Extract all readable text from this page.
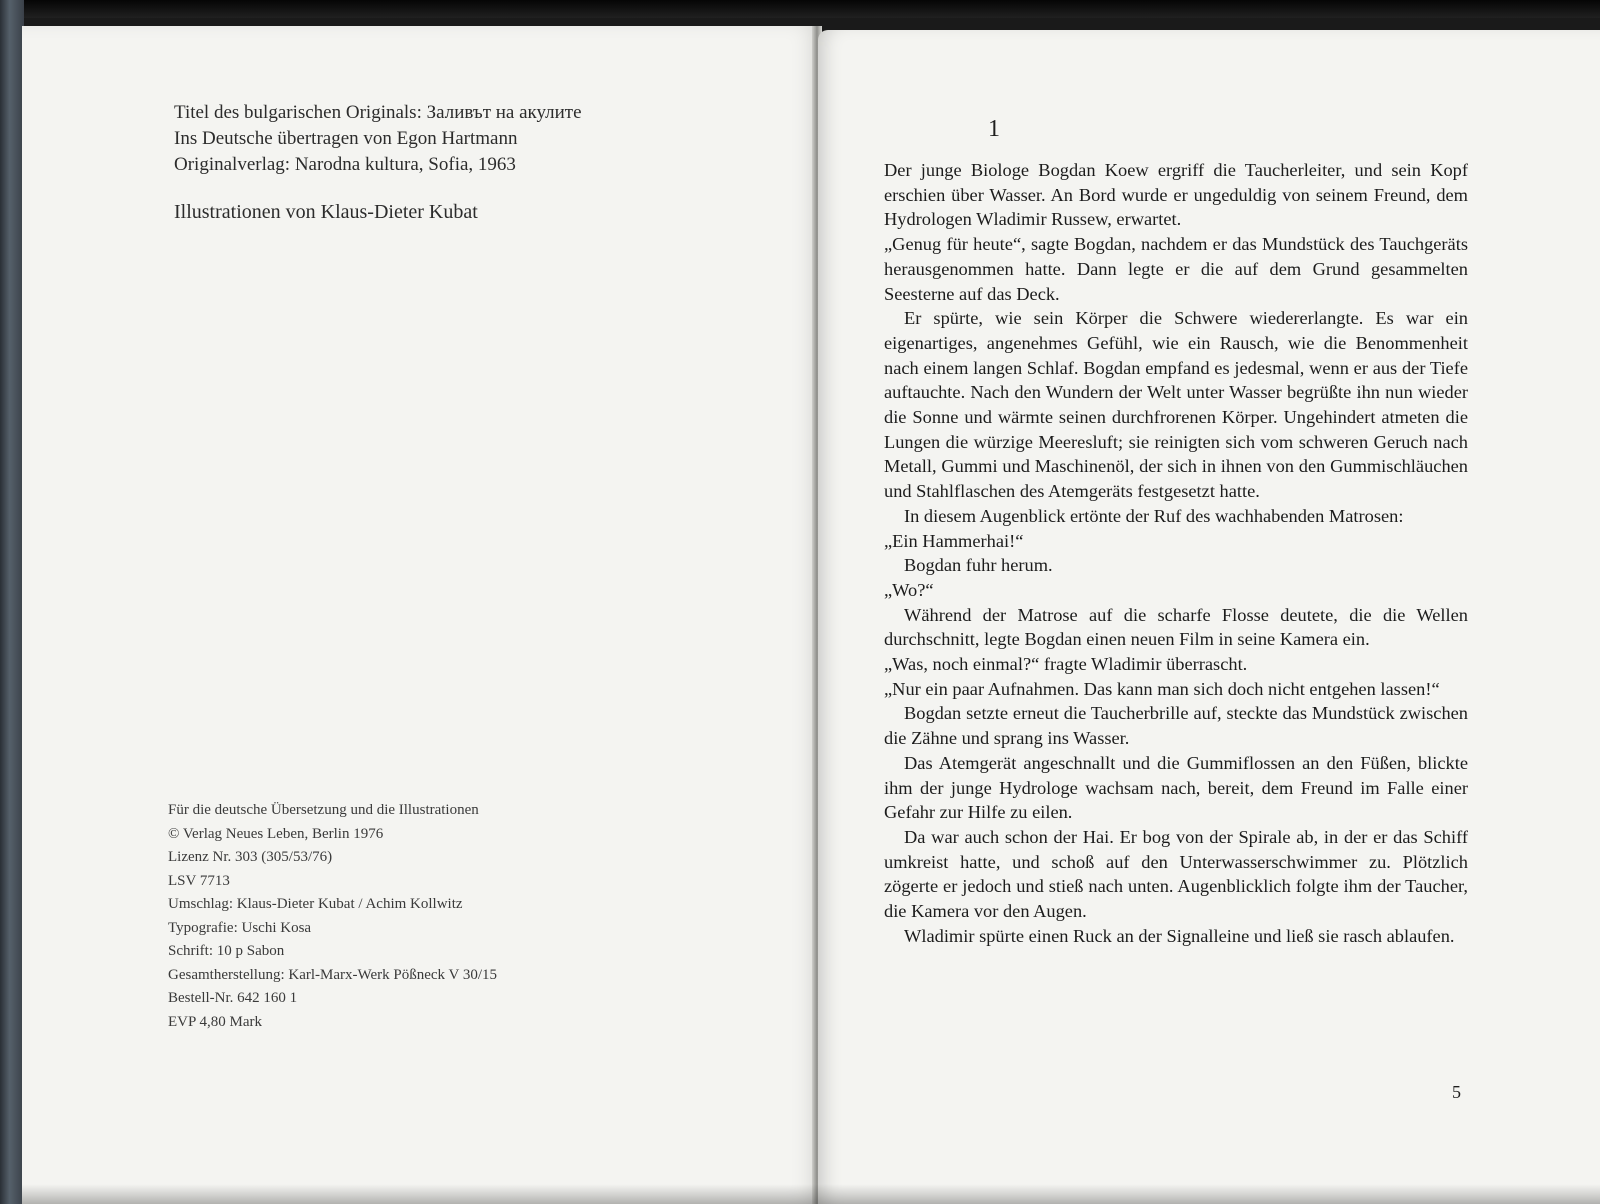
Titel des bulgarischen Originals: Заливът на акулите
Ins Deutsche übertragen von Egon Hartmann
Originalverlag: Narodna kultura, Sofia, 1963
Illustrationen von Klaus-Dieter Kubat
Für die deutsche Übersetzung und die Illustrationen
© Verlag Neues Leben, Berlin 1976
Lizenz Nr. 303 (305/53/76)
LSV 7713
Umschlag: Klaus-Dieter Kubat / Achim Kollwitz
Typografie: Uschi Kosa
Schrift: 10 p Sabon
Gesamtherstellung: Karl-Marx-Werk Pößneck V 30/15
Bestell-Nr. 642 160 1
EVP 4,80 Mark
1

Der junge Biologe Bogdan Koew ergriff die Taucherleiter, und sein Kopf erschien über Wasser. An Bord wurde er ungeduldig von seinem Freund, dem Hydrologen Wladimir Russew, erwartet.

„Genug für heute“, sagte Bogdan, nachdem er das Mundstück des Tauchgeräts herausgenommen hatte. Dann legte er die auf dem Grund gesammelten Seesterne auf das Deck.

Er spürte, wie sein Körper die Schwere wiedererlangte. Es war ein eigenartiges, angenehmes Gefühl, wie ein Rausch, wie die Benommenheit nach einem langen Schlaf. Bogdan empfand es jedesmal, wenn er aus der Tiefe auftauchte. Nach den Wundern der Welt unter Wasser begrüßte ihn nun wieder die Sonne und wärmte seinen durchfrorenen Körper. Ungehindert atmeten die Lungen die würzige Meeresluft; sie reinigten sich vom schweren Geruch nach Metall, Gummi und Maschinenöl, der sich in ihnen von den Gummischläuchen und Stahlflaschen des Atemgeräts festgesetzt hatte.

In diesem Augenblick ertönte der Ruf des wachhabenden Matrosen:

„Ein Hammerhai!“

Bogdan fuhr herum.

„Wo?“

Während der Matrose auf die scharfe Flosse deutete, die die Wellen durchschnitt, legte Bogdan einen neuen Film in seine Kamera ein.

„Was, noch einmal?“ fragte Wladimir überrascht.

„Nur ein paar Aufnahmen. Das kann man sich doch nicht entgehen lassen!“

Bogdan setzte erneut die Taucherbrille auf, steckte das Mundstück zwischen die Zähne und sprang ins Wasser.

Das Atemgerät angeschnallt und die Gummiflossen an den Füßen, blickte ihm der junge Hydrologe wachsam nach, bereit, dem Freund im Falle einer Gefahr zur Hilfe zu eilen.

Da war auch schon der Hai. Er bog von der Spirale ab, in der er das Schiff umkreist hatte, und schoß auf den Unterwasserschwimmer zu. Plötzlich zögerte er jedoch und stieß nach unten. Augenblicklich folgte ihm der Taucher, die Kamera vor den Augen.

Wladimir spürte einen Ruck an der Signalleine und ließ sie rasch ablaufen.

5
